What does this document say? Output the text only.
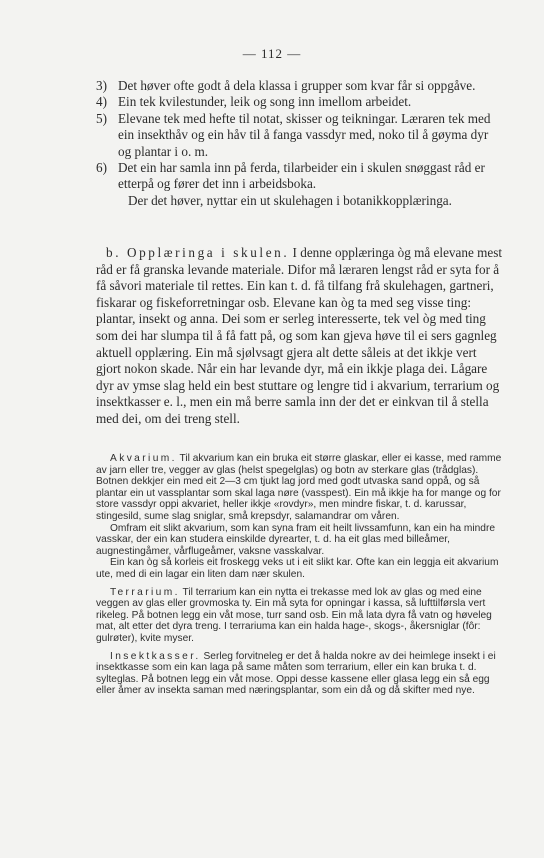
— 112 —
3) Det høver ofte godt å dela klassa i grupper som kvar får si oppgåve.
4) Ein tek kvilestunder, leik og song inn imellom arbeidet.
5) Elevane tek med hefte til notat, skisser og teikningar. Læraren tek med ein insekthåv og ein håv til å fanga vassdyr med, noko til å gøyma dyr og plantar i o. m.
6) Det ein har samla inn på ferda, tilarbeider ein i skulen snøggast råd er etterpå og fører det inn i arbeidsboka.

Der det høver, nyttar ein ut skulehagen i botanikkopplæringa.

b. Opplæringa i skulen. I denne opplæringa òg må elevane mest råd er få granska levande materiale. Difor må læraren lengst råd er syta for å få såvori materiale til rettes. Ein kan t. d. få tilfang frå skulehagen, gartneri, fiskarar og fiskeforretningar osb. Elevane kan òg ta med seg visse ting: plantar, insekt og anna. Dei som er serleg interesserte, tek vel òg med ting som dei har slumpa til å få fatt på, og som kan gjeva høve til ei sers gagnleg aktuell opplæring. Ein må sjølvsagt gjera alt dette såleis at det ikkje vert gjort nokon skade. Når ein har levande dyr, må ein ikkje plaga dei. Lågare dyr av ymse slag held ein best stuttare og lengre tid i akvarium, terrarium og insektkasser e. l., men ein må berre samla inn der det er einkvan til å stella med dei, om dei treng stell.

Akvarium. Til akvarium kan ein bruka eit større glaskar, eller ei kasse, med ramme av jarn eller tre, vegger av glas (helst spegelglas) og botn av sterkare glas (trådglas). Botnen dekkjer ein med eit 2—3 cm tjukt lag jord med godt utvaska sand oppå, og så plantar ein ut vassplantar som skal laga nøre (vasspest). Ein må ikkje ha for mange og for store vassdyr oppi akvariet, heller ikkje «rovdyr», men mindre fiskar, t. d. karussar, stingesild, sume slag sniglar, små krepsdyr, salamandrar om våren.

Omfram eit slikt akvarium, som kan syna fram eit heilt livssamfunn, kan ein ha mindre vasskar, der ein kan studera einskilde dyrearter, t. d. ha eit glas med billeåmer, augnestingåmer, vårflugeåmer, vaksne vasskalvar.

Ein kan òg så korleis eit froskegg veks ut i eit slikt kar. Ofte kan ein leggja eit akvarium ute, med di ein lagar ein liten dam nær skulen.

Terrarium. Til terrarium kan ein nytta ei trekasse med lok av glas og med eine veggen av glas eller grovmoska ty. Ein må syta for opningar i kassa, så lufttilførsla vert rikeleg. På botnen legg ein våt mose, turr sand osb. Ein må lata dyra få vatn og høveleg mat, alt etter det dyra treng. I terrariuma kan ein halda hage-, skogs-, åkersniglar (fôr: gulrøter), kvite myser.

Insektkasser. Serleg forvitneleg er det å halda nokre av dei heimlege insekt i ei insektkasse som ein kan laga på same måten som terrarium, eller ein kan bruka t. d. sylteglas. På botnen legg ein våt mose. Oppi desse kassene eller glasa legg ein så egg eller åmer av insekta saman med næringsplantar, som ein då og då skifter med nye.
